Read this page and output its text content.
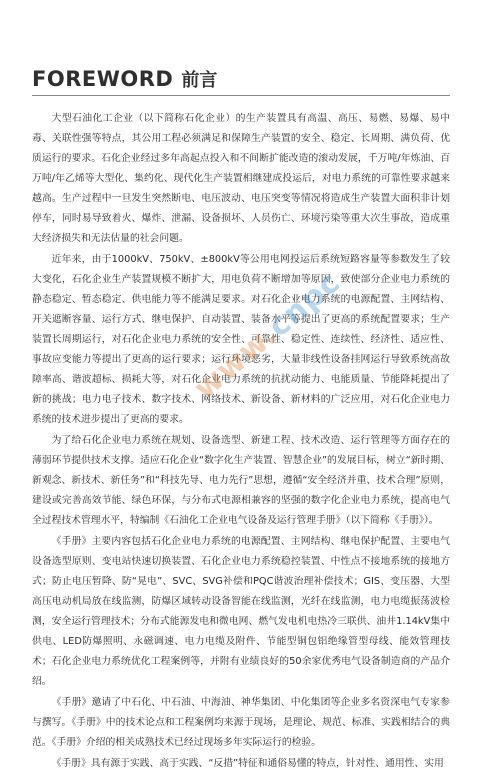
FOREWORD 前言

大型石油化工企业（以下简称石化企业）的生产装置具有高温、高压、易燃、易爆、易中毒、关联性强等特点，其公用工程必须满足和保障生产装置的安全、稳定、长周期、满负荷、优质运行的要求。石化企业经过多年高起点投入和不间断扩能改造的滚动发展，千万吨/年炼油、百万吨/年乙烯等大型化、集约化、现代化生产装置相继建成投运后，对电力系统的可靠性要求越来越高。生产过程中一旦发生突然断电、电压波动、电压突变等情况将造成生产装置大面积非计划停车，同时易导致着火、爆炸、泄漏、设备损坏、人员伤亡、环境污染等重大次生事故，造成重大经济损失和无法估量的社会问题。

近年来，由于1000kV、750kV、±800kV等公用电网投运后系统短路容量等参数发生了较大变化，石化企业生产装置规模不断扩大，用电负荷不断增加等原因，致使部分企业电力系统的静态稳定、暂态稳定、供电能力等不能满足要求。对石化企业电力系统的电源配置、主网结构、开关遮断容量、运行方式、继电保护、自动装置、装备水平等提出了更高的系统配置要求；生产装置长周期运行，对石化企业电力系统的安全性、可靠性、稳定性、连续性、经济性、适应性、事故应变能力等提出了更高的运行要求；运行环境恶劣，大量非线性设备挂网运行导致系统高故障率高、谐波超标、损耗大等，对石化企业电力系统的抗扰动能力、电能质量、节能降耗提出了新的挑战；电力电子技术、数字技术、网络技术、新设备、新材料的广泛应用，对石化企业电力系统的技术进步提出了更高的要求。

为了给石化企业电力系统在规划、设备选型、新建工程、技术改造、运行管理等方面存在的薄弱环节提供技术支撑。适应石化企业“数字化生产装置、智慧企业”的发展目标，树立“新时期、新观念、新技术、新任务”和“科技先导、电力先行”思想，遵循“安全经济并重、技术合理”原则，建设或完善高效节能、绿色环保，与分布式电源相兼容的坚强的数字化企业电力系统，提高电气全过程技术管理水平，特编制《石油化工企业电气设备及运行管理手册》（以下简称《手册》）。

《手册》主要内容包括石化企业电力系统的电源配置、主网结构、继电保护配置、主要电气设备选型原则、变电站快速切换装置、石化企业电力系统稳控装置、中性点不接地系统的接地方式；防止电压暂降、防“晃电”、SVC、SVG补偿和PQC谐波治理补偿技术；GIS、变压器、大型高压电动机局放在线监测，防爆区域转动设备智能在线监测，光纤在线监测，电力电缆振荡波检测，安全运行管理技术；分布式能源发电和微电网、燃气发电机电热冷三联供、油井1.14kV集中供电、LED防爆照明、永磁调速、电力电缆及附件、节能型铜包铝绝缘管型母线、能效管理技术；石化企业电力系统优化工程案例等，并附有业绩良好的50余家优秀电气设备制造商的产品介绍。

《手册》邀请了中石化、中石油、中海油、神华集团、中化集团等企业多名资深电气专家参与撰写。《手册》中的技术论点和工程案例均来源于现场，是理论、规范、标准、实践相结合的典范。《手册》介绍的相关成熟技术已经过现场多年实际运行的检验。

《手册》具有源于实践、高于实践、“反措”特征和通俗易懂的特点，针对性、通用性、实用

www.cnpc
